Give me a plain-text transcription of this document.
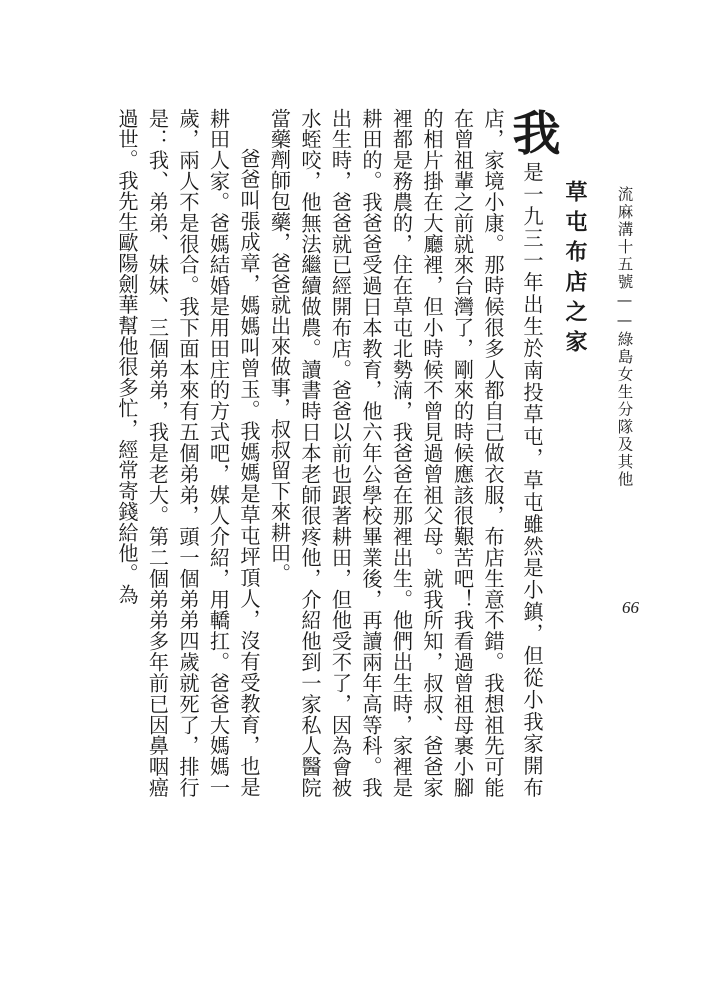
流麻溝十五號——綠島女生分隊及其他
66
草屯布店之家

我是一九三一年出生於南投草屯，草屯雖然是小鎮，但從小我家開布店，家境小康。那時候很多人都自己做衣服，布店生意不錯。我想祖先可能在曾祖輩之前就來台灣了，剛來的時候應該很艱苦吧！我看過曾祖母裹小腳的相片掛在大廳裡，但小時候不曾見過曾祖父母。就我所知，叔叔、爸爸家裡都是務農的，住在草屯北勢湳，我爸爸在那裡出生。他們出生時，家裡是耕田的。我爸爸受過日本教育，他六年公學校畢業後，再讀兩年高等科。我出生時，爸爸就已經開布店。爸爸以前也跟著耕田，但他受不了，因為會被水蛭咬，他無法繼續做農。讀書時日本老師很疼他，介紹他到一家私人醫院當藥劑師包藥，爸爸就出來做事，叔叔留下來耕田。

爸爸叫張成章，媽媽叫曾玉。我媽媽是草屯坪頂人，沒有受教育，也是耕田人家。爸媽結婚是用田庄的方式吧，媒人介紹，用轎扛。爸爸大媽媽一歲，兩人不是很合。我下面本來有五個弟弟，頭一個弟弟四歲就死了，排行是：我、弟弟、妹妹、三個弟弟，我是老大。第二個弟弟多年前已因鼻咽癌過世。我先生歐陽劍華幫他很多忙，經常寄錢給他。為
